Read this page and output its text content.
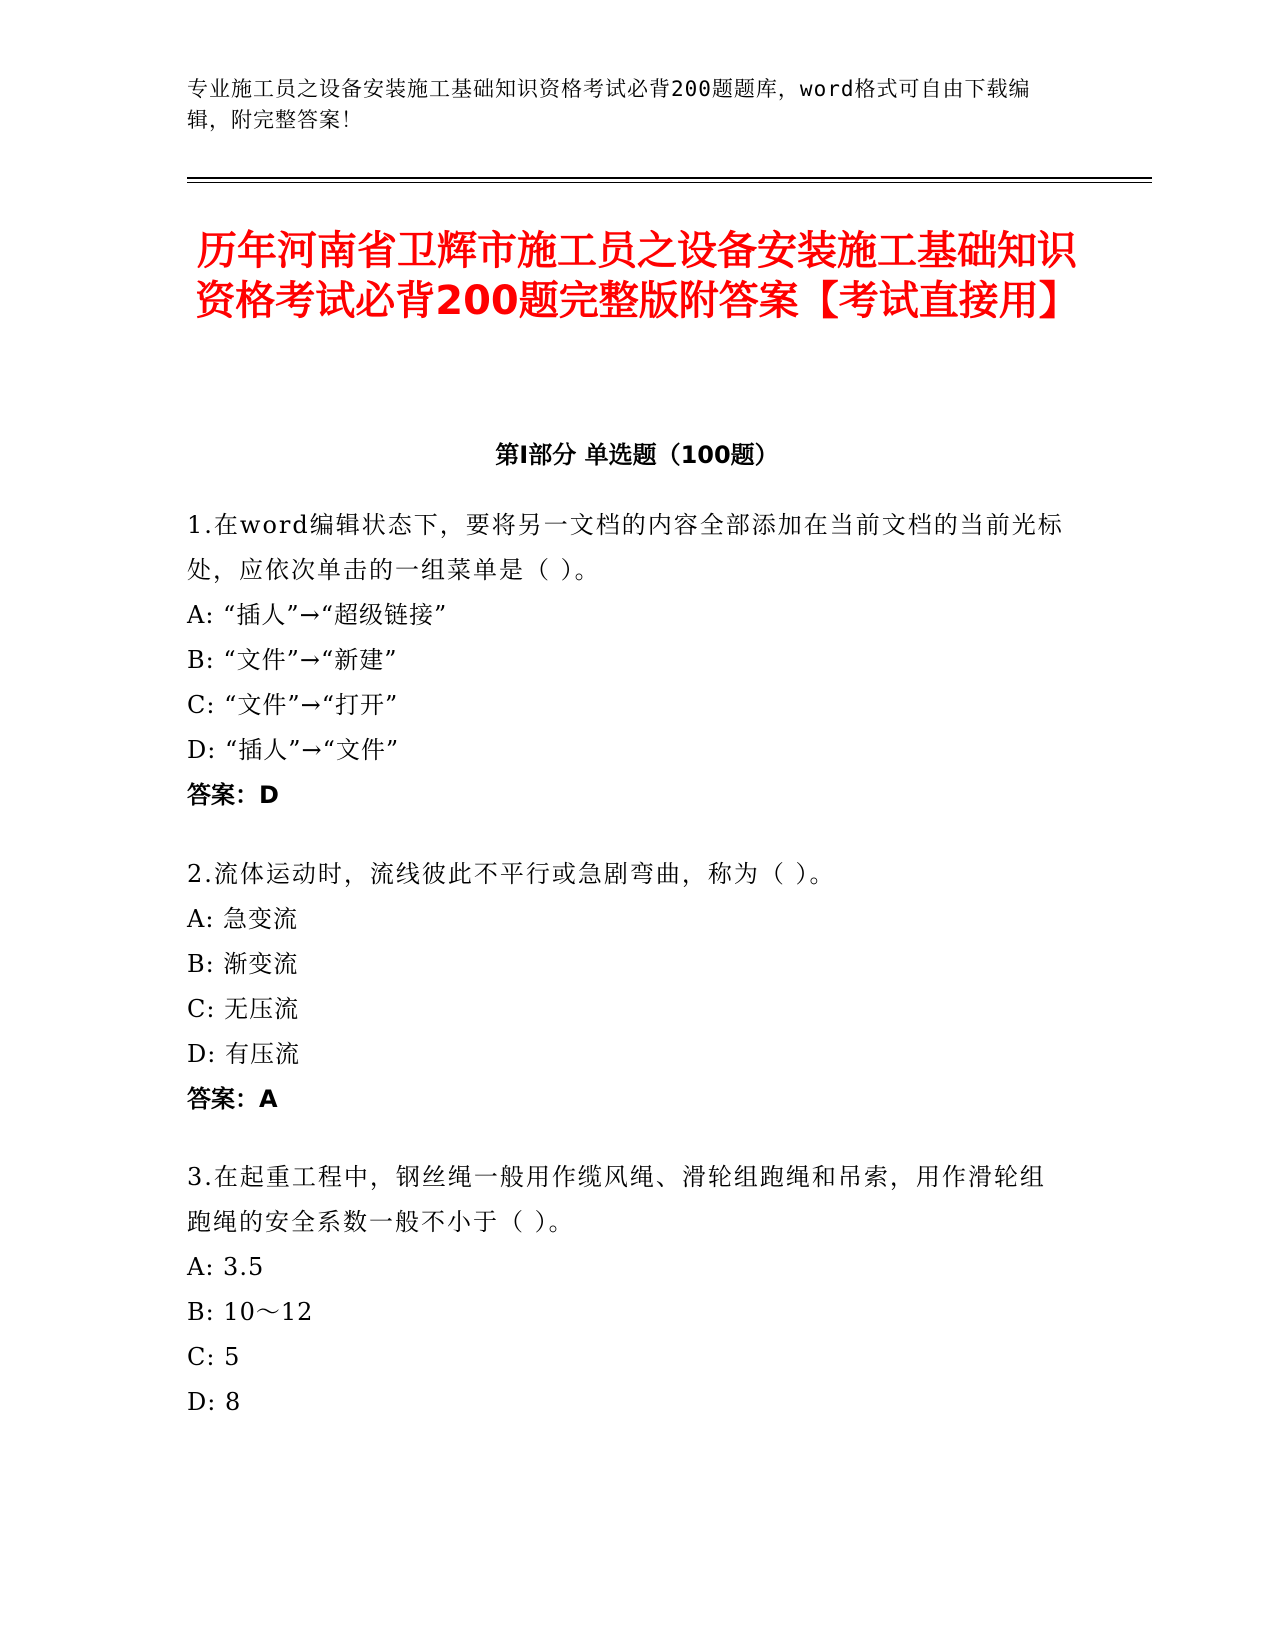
专业施工员之设备安装施工基础知识资格考试必背200题题库，word格式可自由下载编辑，附完整答案！
历年河南省卫辉市施工员之设备安装施工基础知识资格考试必背200题完整版附答案【考试直接用】
第Ⅰ部分 单选题（100题）
1.在word编辑状态下，要将另一文档的内容全部添加在当前文档的当前光标处，应依次单击的一组菜单是（ ）。
A: “插人”→“超级链接”
B: “文件”→“新建”
C: “文件”→“打开”
D: “插人”→“文件”
答案：D
2.流体运动时，流线彼此不平行或急剧弯曲，称为（ ）。
A: 急变流
B: 渐变流
C: 无压流
D: 有压流
答案：A
3.在起重工程中，钢丝绳一般用作缆风绳、滑轮组跑绳和吊索，用作滑轮组跑绳的安全系数一般不小于（ ）。
A: 3.5
B: 10～12
C: 5
D: 8
